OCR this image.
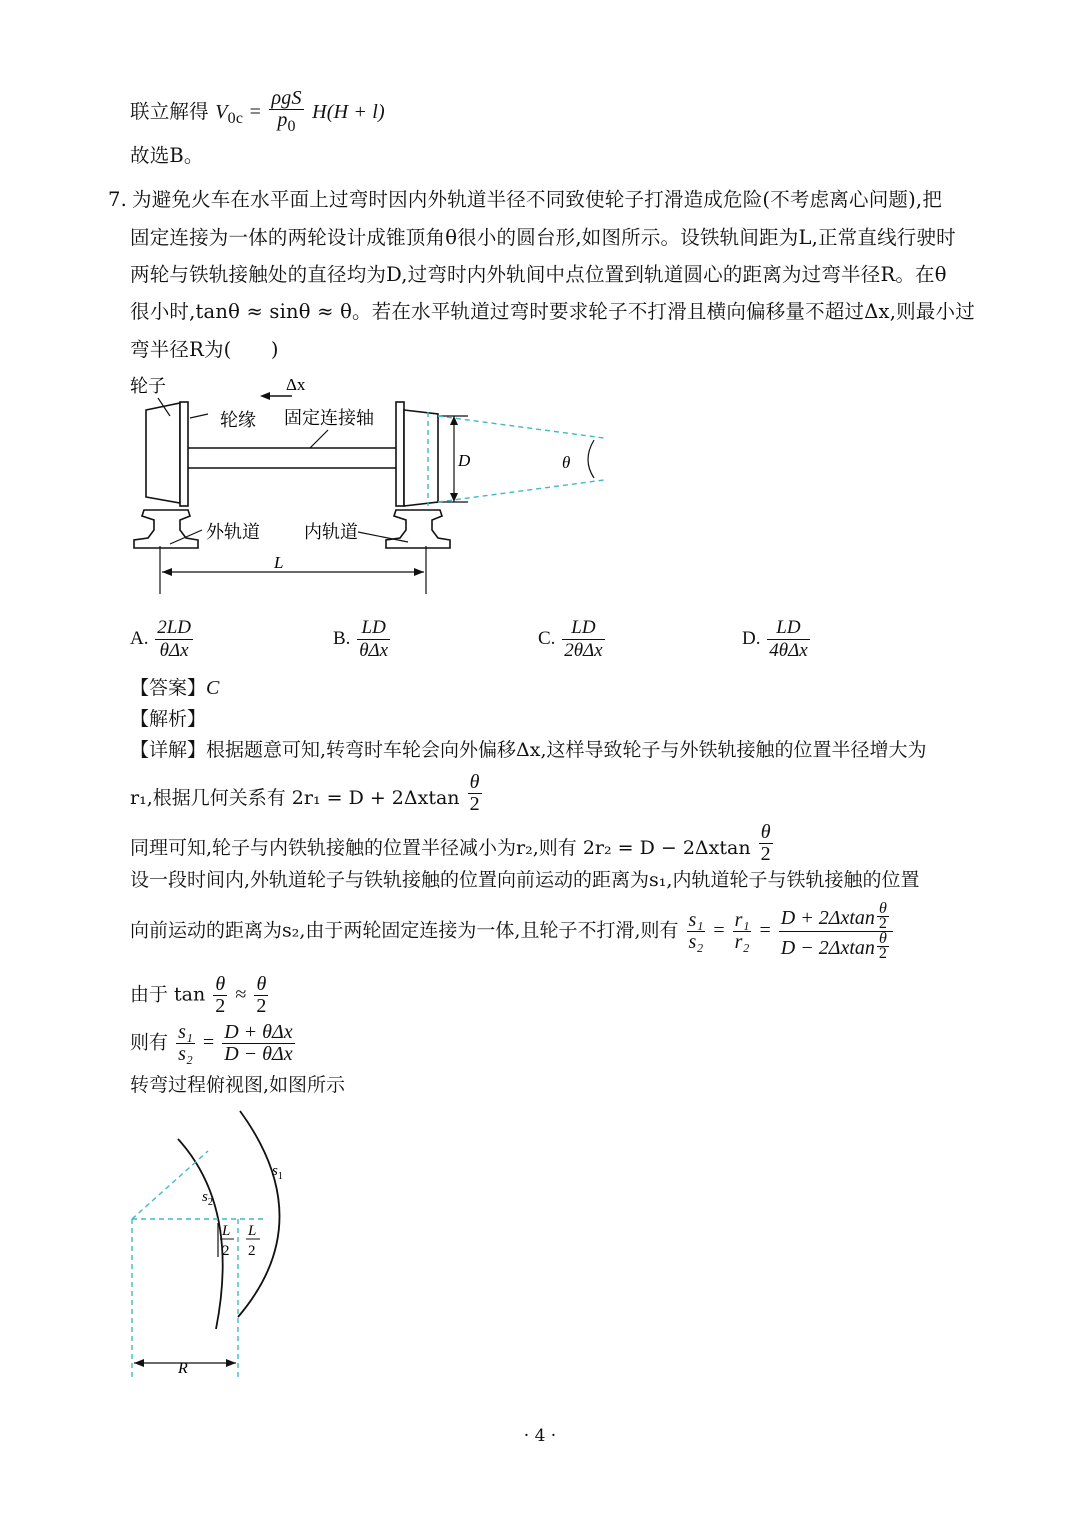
联立解得 $V_{0c} = \frac{\text{ρgS}}{p_0} H(H + l)$
故选B。
7. 为避免火车在水平面上过弯时因内外轨道半径不同致使轮子打滑造成危险(不考虑离心问题),把
固定连接为一体的两轮设计成锥顶角θ很小的圆台形,如图所示。设铁轨间距为L,正常直线行驶时
两轮与铁轨接触处的直径均为D,过弯时内外轨间中点位置到轨道圆心的距离为过弯半径R。在θ
很小时,tanθ ≈ sinθ ≈ θ。若在水平轨道过弯时要求轮子不打滑且横向偏移量不超过Δx,则最小过
弯半径R为(　　)
轮子	Δx
轮缘 固定连接轴
D	θ
外轨道 内轨道
L
A. $\frac{2LD}{\text{θΔx}}$	B. $\frac{LD}{\text{θΔx}}$	C. $\frac{LD}{\text{2θΔx}}$	D. $\frac{LD}{\text{4θΔx}}$
【答案】C
【解析】
【详解】根据题意可知,转弯时车轮会向外偏移Δx,这样导致轮子与外铁轨接触的位置半径增大为
r₁,根据几何关系有 $2r_1 = D + 2\Delta xtan \frac{\theta}{2}$
同理可知,轮子与内铁轨接触的位置半径减小为r₂,则有 $2r_2 = D - 2\Delta xtan \frac{\theta}{2}$
设一段时间内,外轨道轮子与铁轨接触的位置向前运动的距离为s₁,内轨道轮子与铁轨接触的位置
向前运动的距离为s₂,由于两轮固定连接为一体,且轮子不打滑,则有 $\frac{\text{s₁}}{\text{s₂}} = \frac{\text{r₁}}{\text{r₂}} = \frac{D + 2\Delta xtan \frac{\theta}{2}}{D - 2\Delta xtan \frac{\theta}{2}}$
由于 $\tan \frac{\theta}{2} \approx \frac{\theta}{2}$
则有 $\frac{\text{s₁}}{\text{s₂}} = \frac{\text{D + θΔx}}{\text{D − θΔx}}$
转弯过程俯视图,如图所示
$s_1$
$s_2$
L
2
L
2
R
· 4 ·
